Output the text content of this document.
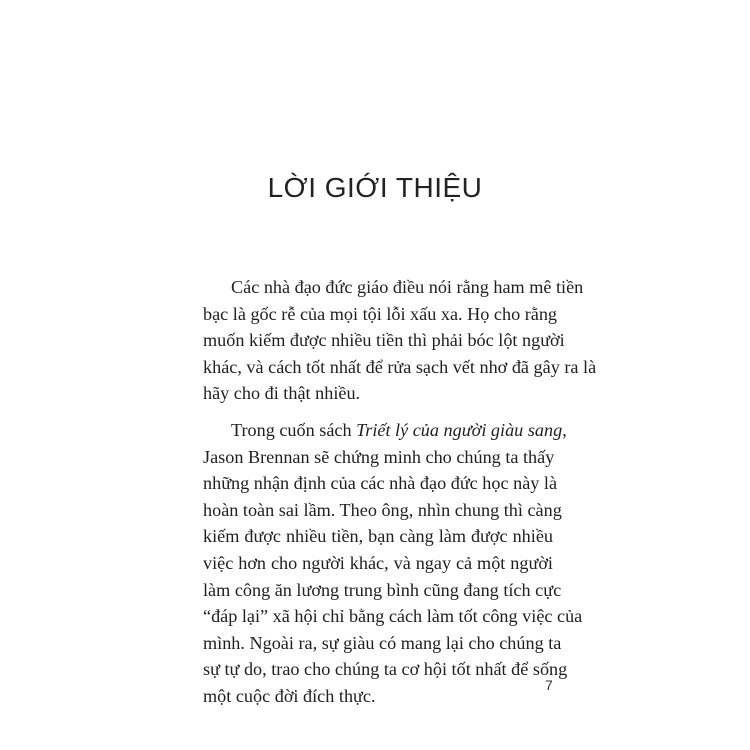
LỜI GIỚI THIỆU
Các nhà đạo đức giáo điều nói rằng ham mê tiền
bạc là gốc rễ của mọi tội lỗi xấu xa. Họ cho rằng
muốn kiếm được nhiều tiền thì phải bóc lột người
khác, và cách tốt nhất để rửa sạch vết nhơ đã gây ra là
hãy cho đi thật nhiều.
Trong cuốn sách Triết lý của người giàu sang,
Jason Brennan sẽ chứng minh cho chúng ta thấy
những nhận định của các nhà đạo đức học này là
hoàn toàn sai lầm. Theo ông, nhìn chung thì càng
kiếm được nhiều tiền, bạn càng làm được nhiều
việc hơn cho người khác, và ngay cả một người
làm công ăn lương trung bình cũng đang tích cực
“đáp lại” xã hội chỉ bằng cách làm tốt công việc của
mình. Ngoài ra, sự giàu có mang lại cho chúng ta
sự tự do, trao cho chúng ta cơ hội tốt nhất để sống
một cuộc đời đích thực.
7
